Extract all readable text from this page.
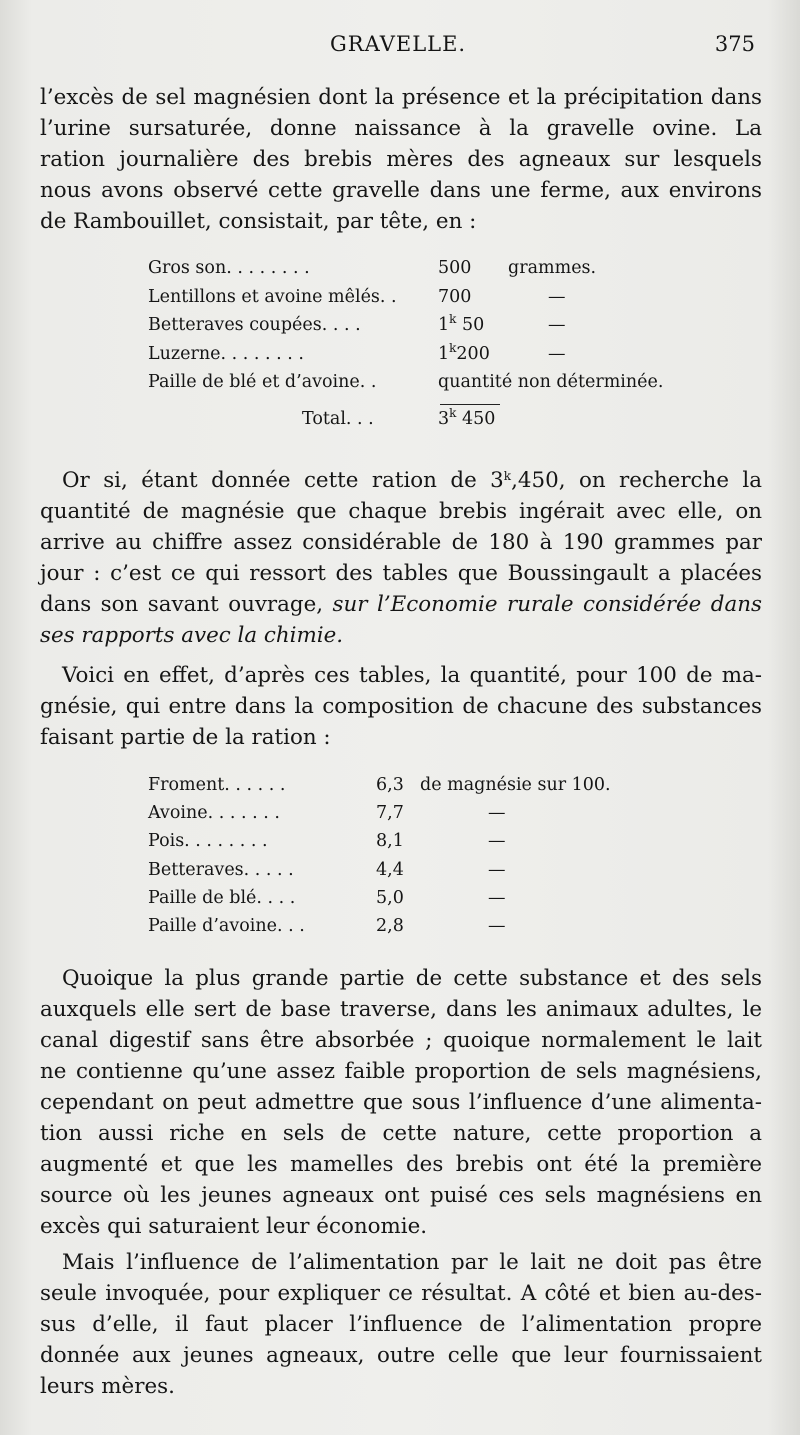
GRAVELLE.	375
l’excès de sel magnésien dont la présence et la précipitation dans
l’urine sursaturée, donne naissance à la gravelle ovine. La
ration journalière des brebis mères des agneaux sur lesquels
nous avons observé cette gravelle dans une ferme, aux environs
de Rambouillet, consistait, par tête, en :
Gros son. . . . . . . .	500 grammes.
Lentillons et avoine mêlés. . 700	—
Betteraves coupées. . . .	1$^k$ 50	—
Luzerne. . . . . . . .	1$^k$200	—
Paille de blé et d’avoine. .	quantité non déterminée.
Total. . .	3$^k$ 450
Or si, étant donnée cette ration de 3$^k$,450, on recherche la
quantité de magnésie que chaque brebis ingérait avec elle, on
arrive au chiffre assez considérable de 180 à 190 grammes par
jour : c’est ce qui ressort des tables que Boussingault a placées
dans son savant ouvrage, sur l’Economie rurale considérée dans
ses rapports avec la chimie.
Voici en effet, d’après ces tables, la quantité, pour 100 de ma-
gnésie, qui entre dans la composition de chacune des substances
faisant partie de la ration :
Froment. . . . . .	6,3 de magnésie sur 100.
Avoine. . . . . . .	7,7	—
Pois. . . . . . . .	8,1	—
Betteraves. . . . .	4,4	—
Paille de blé. . . .	5,0	—
Paille d’avoine. . .	2,8	—
Quoique la plus grande partie de cette substance et des sels
auxquels elle sert de base traverse, dans les animaux adultes, le
canal digestif sans être absorbée ; quoique normalement le lait
ne contienne qu’une assez faible proportion de sels magnésiens,
cependant on peut admettre que sous l’influence d’une alimenta-
tion aussi riche en sels de cette nature, cette proportion a
augmenté et que les mamelles des brebis ont été la première
source où les jeunes agneaux ont puisé ces sels magnésiens en
excès qui saturaient leur économie.
Mais l’influence de l’alimentation par le lait ne doit pas être
seule invoquée, pour expliquer ce résultat. A côté et bien au-des-
sus d’elle, il faut placer l’influence de l’alimentation propre
donnée aux jeunes agneaux, outre celle que leur fournissaient
leurs mères.
